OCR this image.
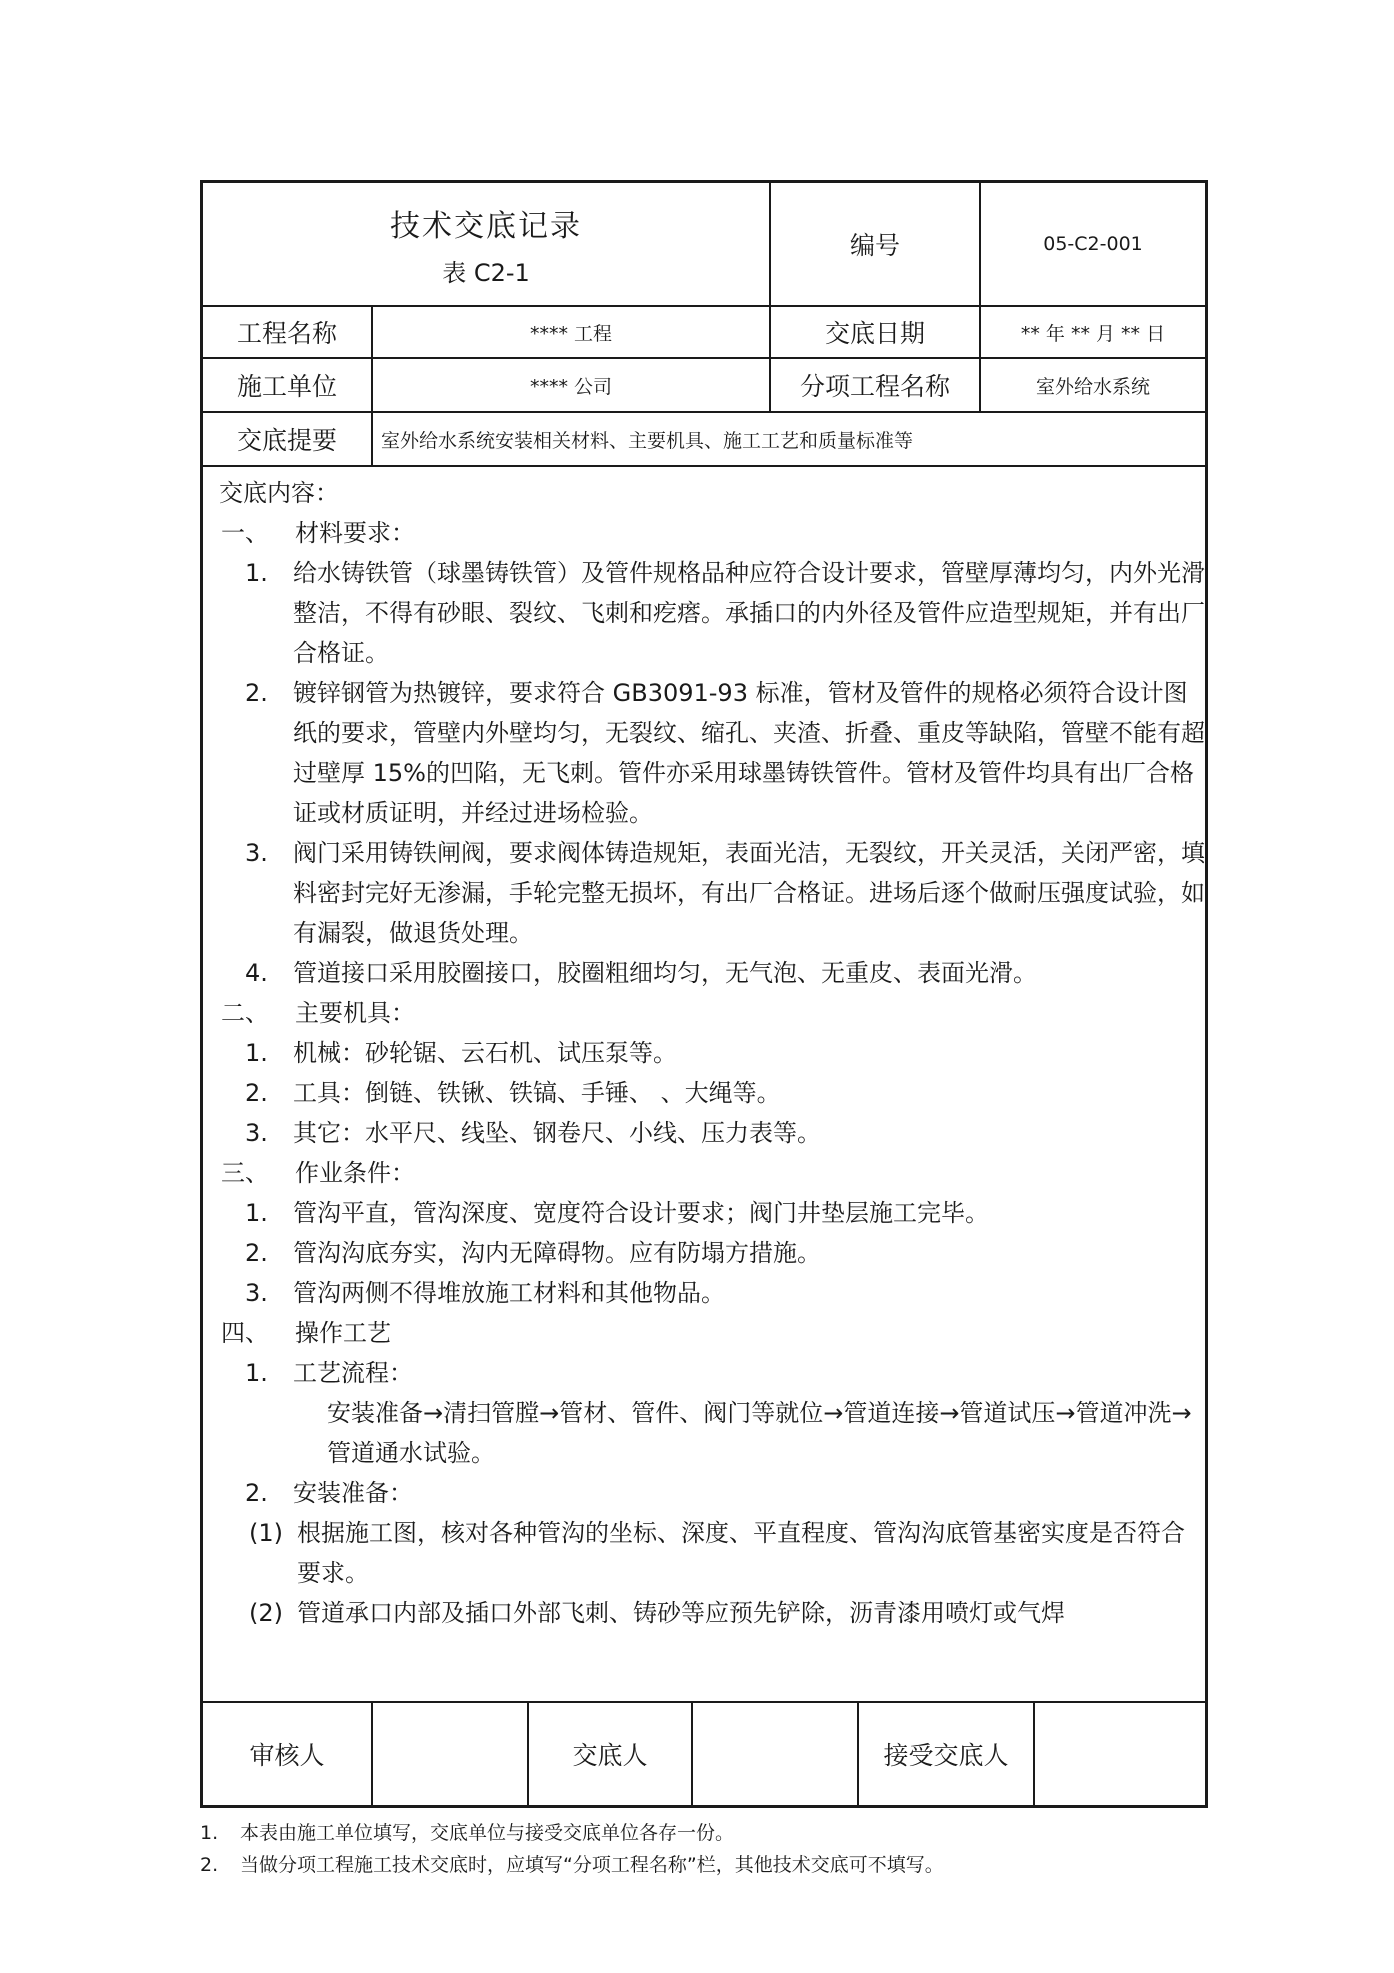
技术交底记录
表 C2-1
编号	05-C2-001
工程名称	**** 工程	交底日期	** 年 ** 月 ** 日
施工单位	**** 公司	分项工程名称	室外给水系统
交底提要	室外给水系统安装相关材料、主要机具、施工工艺和质量标准等

交底内容：

一、 材料要求：

1. 给水铸铁管（球墨铸铁管）及管件规格品种应符合设计要求，管壁厚薄均匀，内外光滑整洁，不得有砂眼、裂纹、飞刺和疙瘩。承插口的内外径及管件应造型规矩，并有出厂合格证。

2. 镀锌钢管为热镀锌，要求符合 GB3091-93 标准，管材及管件的规格必须符合设计图纸的要求，管壁内外壁均匀，无裂纹、缩孔、夹渣、折叠、重皮等缺陷，管壁不能有超过壁厚 15%的凹陷，无飞刺。管件亦采用球墨铸铁管件。管材及管件均具有出厂合格证或材质证明，并经过进场检验。

3. 阀门采用铸铁闸阀，要求阀体铸造规矩，表面光洁，无裂纹，开关灵活，关闭严密，填料密封完好无渗漏，手轮完整无损坏，有出厂合格证。进场后逐个做耐压强度试验，如有漏裂，做退货处理。

4. 管道接口采用胶圈接口，胶圈粗细均匀，无气泡、无重皮、表面光滑。

二、 主要机具：

1. 机械：砂轮锯、云石机、试压泵等。

2. 工具：倒链、铁锹、铁镐、手锤、 、大绳等。

3. 其它：水平尺、线坠、钢卷尺、小线、压力表等。

三、 作业条件：

1. 管沟平直，管沟深度、宽度符合设计要求；阀门井垫层施工完毕。

2. 管沟沟底夯实，沟内无障碍物。应有防塌方措施。

3. 管沟两侧不得堆放施工材料和其他物品。

四、 操作工艺

1. 工艺流程：

安装准备→清扫管膛→管材、管件、阀门等就位→管道连接→管道试压→管道冲洗→管道通水试验。

2. 安装准备：

(1) 根据施工图，核对各种管沟的坐标、深度、平直程度、管沟沟底管基密实度是否符合要求。

(2) 管道承口内部及插口外部飞刺、铸砂等应预先铲除，沥青漆用喷灯或气焊

审核人	交底人	接受交底人
1. 本表由施工单位填写，交底单位与接受交底单位各存一份。
2. 当做分项工程施工技术交底时，应填写“分项工程名称”栏，其他技术交底可不填写。
